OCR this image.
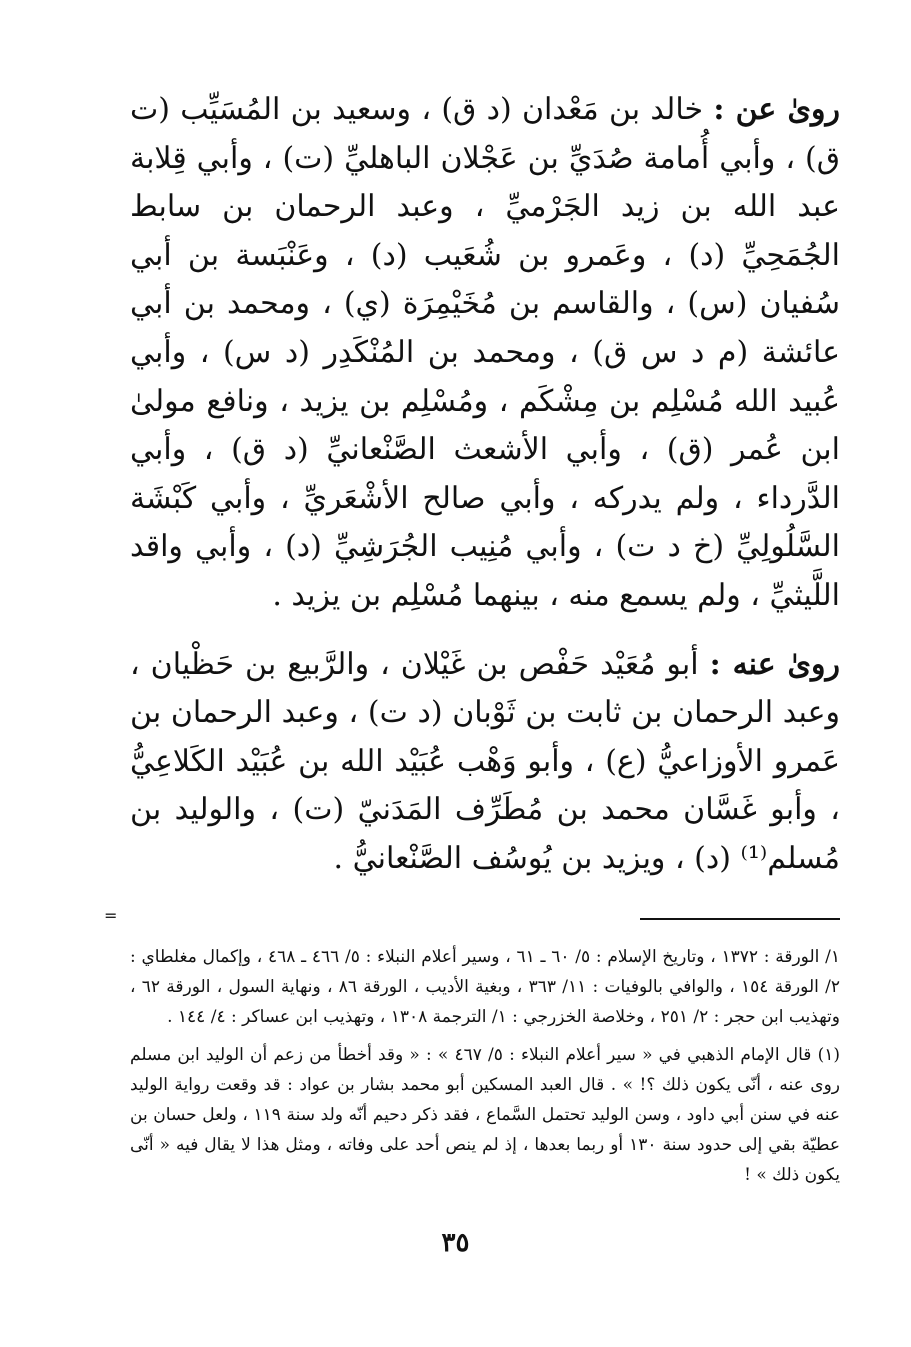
روىٰ عن : خالد بن مَعْدان (د ق) ، وسعيد بن المُسَيِّب (ت ق) ، وأبي أُمامة صُدَيِّ بن عَجْلان الباهليِّ (ت) ، وأبي قِلابة عبد الله بن زيد الجَرْميِّ ، وعبد الرحمان بن سابط الجُمَحِيِّ (د) ، وعَمرو بن شُعَيب (د) ، وعَنْبَسة بن أبي سُفيان (س) ، والقاسم بن مُخَيْمِرَة (ي) ، ومحمد بن أبي عائشة (م د س ق) ، ومحمد بن المُنْكَدِر (د س) ، وأبي عُبيد الله مُسْلِم بن مِشْكَم ، ومُسْلِم بن يزيد ، ونافع مولىٰ ابن عُمر (ق) ، وأبي الأشعث الصَّنْعانيِّ (د ق) ، وأبي الدَّرداء ، ولم يدركه ، وأبي صالح الأشْعَريِّ ، وأبي كَبْشَة السَّلُولِيِّ (خ د ت) ، وأبي مُنِيب الجُرَشِيِّ (د) ، وأبي واقد اللَّيثيِّ ، ولم يسمع منه ، بينهما مُسْلِم بن يزيد .

روىٰ عنه : أبو مُعَيْد حَفْص بن غَيْلان ، والرَّبيع بن حَظْيان ، وعبد الرحمان بن ثابت بن ثَوْبان (د ت) ، وعبد الرحمان بن عَمرو الأوزاعيُّ (ع) ، وأبو وَهْب عُبَيْد الله بن عُبَيْد الكَلاعِيُّ ، وأبو غَسَّان محمد بن مُطَرِّف المَدَنيّ (ت) ، والوليد بن مُسلم⁽¹⁾ (د) ، ويزيد بن يُوسُف الصَّنْعانيُّ .

١/ الورقة : ١٣٧٢ ، وتاريخ الإسلام : ٥/ ٦٠ ـ ٦١ ، وسير أعلام النبلاء : ٥/ ٤٦٦ ـ ٤٦٨ ، وإكمال مغلطاي : ٢/ الورقة ١٥٤ ، والوافي بالوفيات : ١١/ ٣٦٣ ، وبغية الأديب ، الورقة ٨٦ ، ونهاية السول ، الورقة ٦٢ ، وتهذيب ابن حجر : ٢/ ٢٥١ ، وخلاصة الخزرجي : ١/ الترجمة ١٣٠٨ ، وتهذيب ابن عساكر : ٤/ ١٤٤ .

(١) قال الإمام الذهبي في « سير أعلام النبلاء : ٥/ ٤٦٧ » : « وقد أخطأ من زعم أن الوليد ابن مسلم روى عنه ، أنّى يكون ذلك ؟! » . قال العبد المسكين أبو محمد بشار بن عواد : قد وقعت رواية الوليد عنه في سنن أبي داود ، وسن الوليد تحتمل السَّماع ، فقد ذكر دحيم أنّه ولد سنة ١١٩ ، ولعل حسان بن عطيّة بقي إلى حدود سنة ١٣٠ أو ربما بعدها ، إذ لم ينص أحد على وفاته ، ومثل هذا لا يقال فيه « أنّى يكون ذلك » !

=
٣٥
